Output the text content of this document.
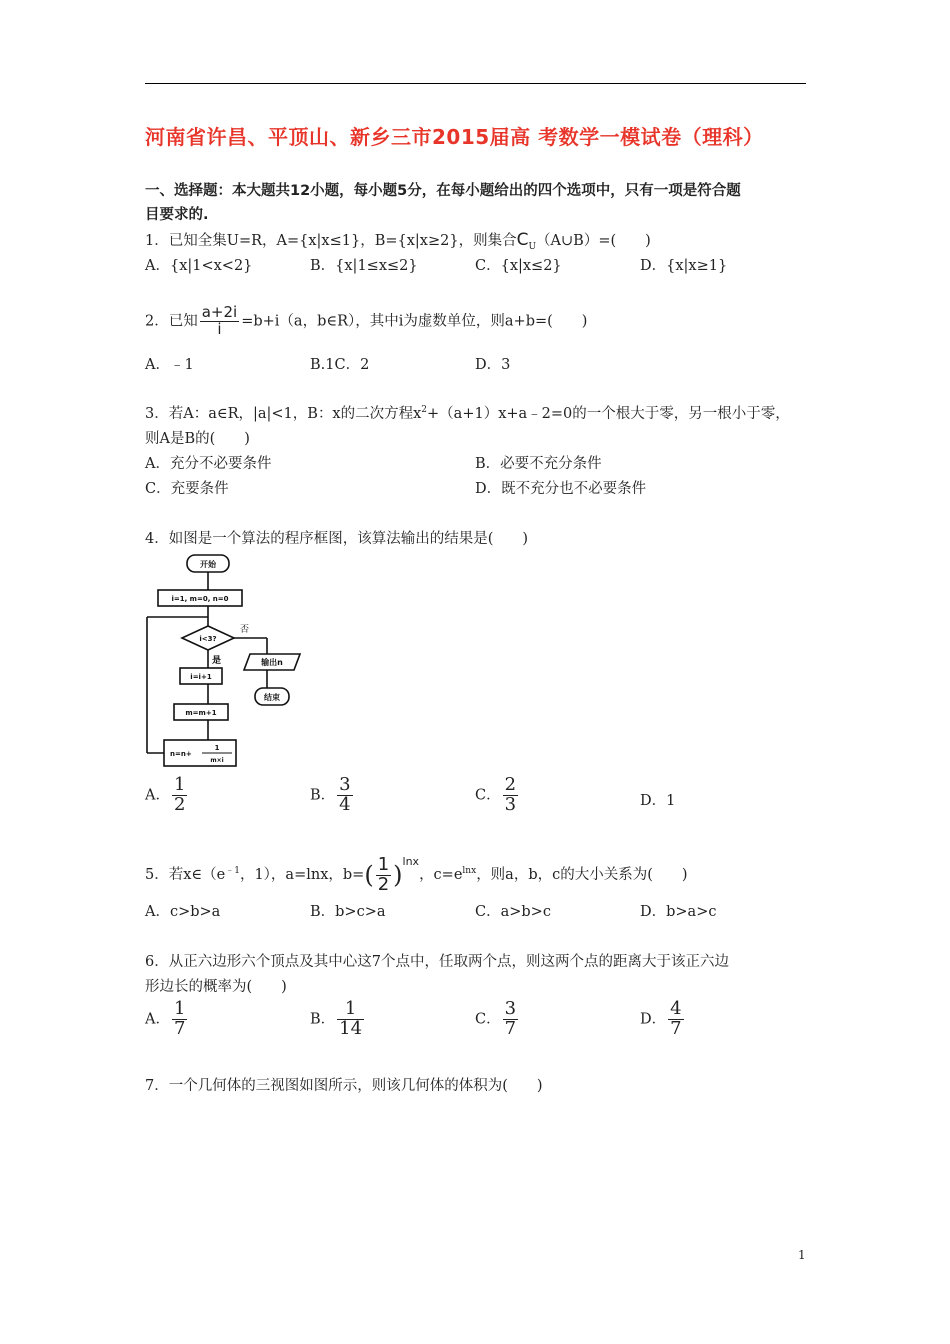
河南省许昌、平顶山、新乡三市2015届高 考数学一模试卷（理科）
一、选择题：本大题共12小题，每小题5分，在每小题给出的四个选项中，只有一项是符合题
目要求的.
1．已知全集U=R，A={x|x≤1}，B={x|x≥2}，则集合$C_U(A\cup B)=$(　　)
A．{x|1<x<2}	B．{x|1≤x≤2}	C．{x|x≤2}	D．{x|x≥1}
2．已知 $\frac{a+2i}{i} =b+i(a$，b∈R），其中i为虚数单位，则a+b=(　　)
A．﹣1	B.1C．2	D．3
3．若A：a∈R，|a|<1，B：x的二次方程$x^2+(a+1)x+a﹣2=0$的一个根大于零，另一根小于零，
则A是B的(　　)
A．充分不必要条件	B．必要不充分条件
C．充要条件	D．既不充分也不必要条件
4．如图是一个算法的程序框图，该算法输出的结果是(　　)
开始
i=1, m=0, n=0
i<3?
否
是	输出n
结束
i=i+1
m=m+1
n=n+
1
m×i
A． $\frac{1}{2}$	B． $\frac{3}{4}$	C． $\frac{2}{3}$	D．1
5．若$x\in(e^{﹣1}$，1），a=lnx，$b=( \frac{1}{2} )^{lnx}$，$c=e^{lnx}$，则a，b，c的大小关系为(　　)
A．c>b>a	B．b>c>a	C．a>b>c	D．b>a>c
6．从正六边形六个顶点及其中心这7个点中，任取两个点，则这两个点的距离大于该正六边
形边长的概率为(　　)
A． $\frac{1}{7}$	B． $\frac{1}{14}$	C． $\frac{3}{7}$	D． $\frac{4}{7}$
7．一个几何体的三视图如图所示，则该几何体的体积为(　　)
1
